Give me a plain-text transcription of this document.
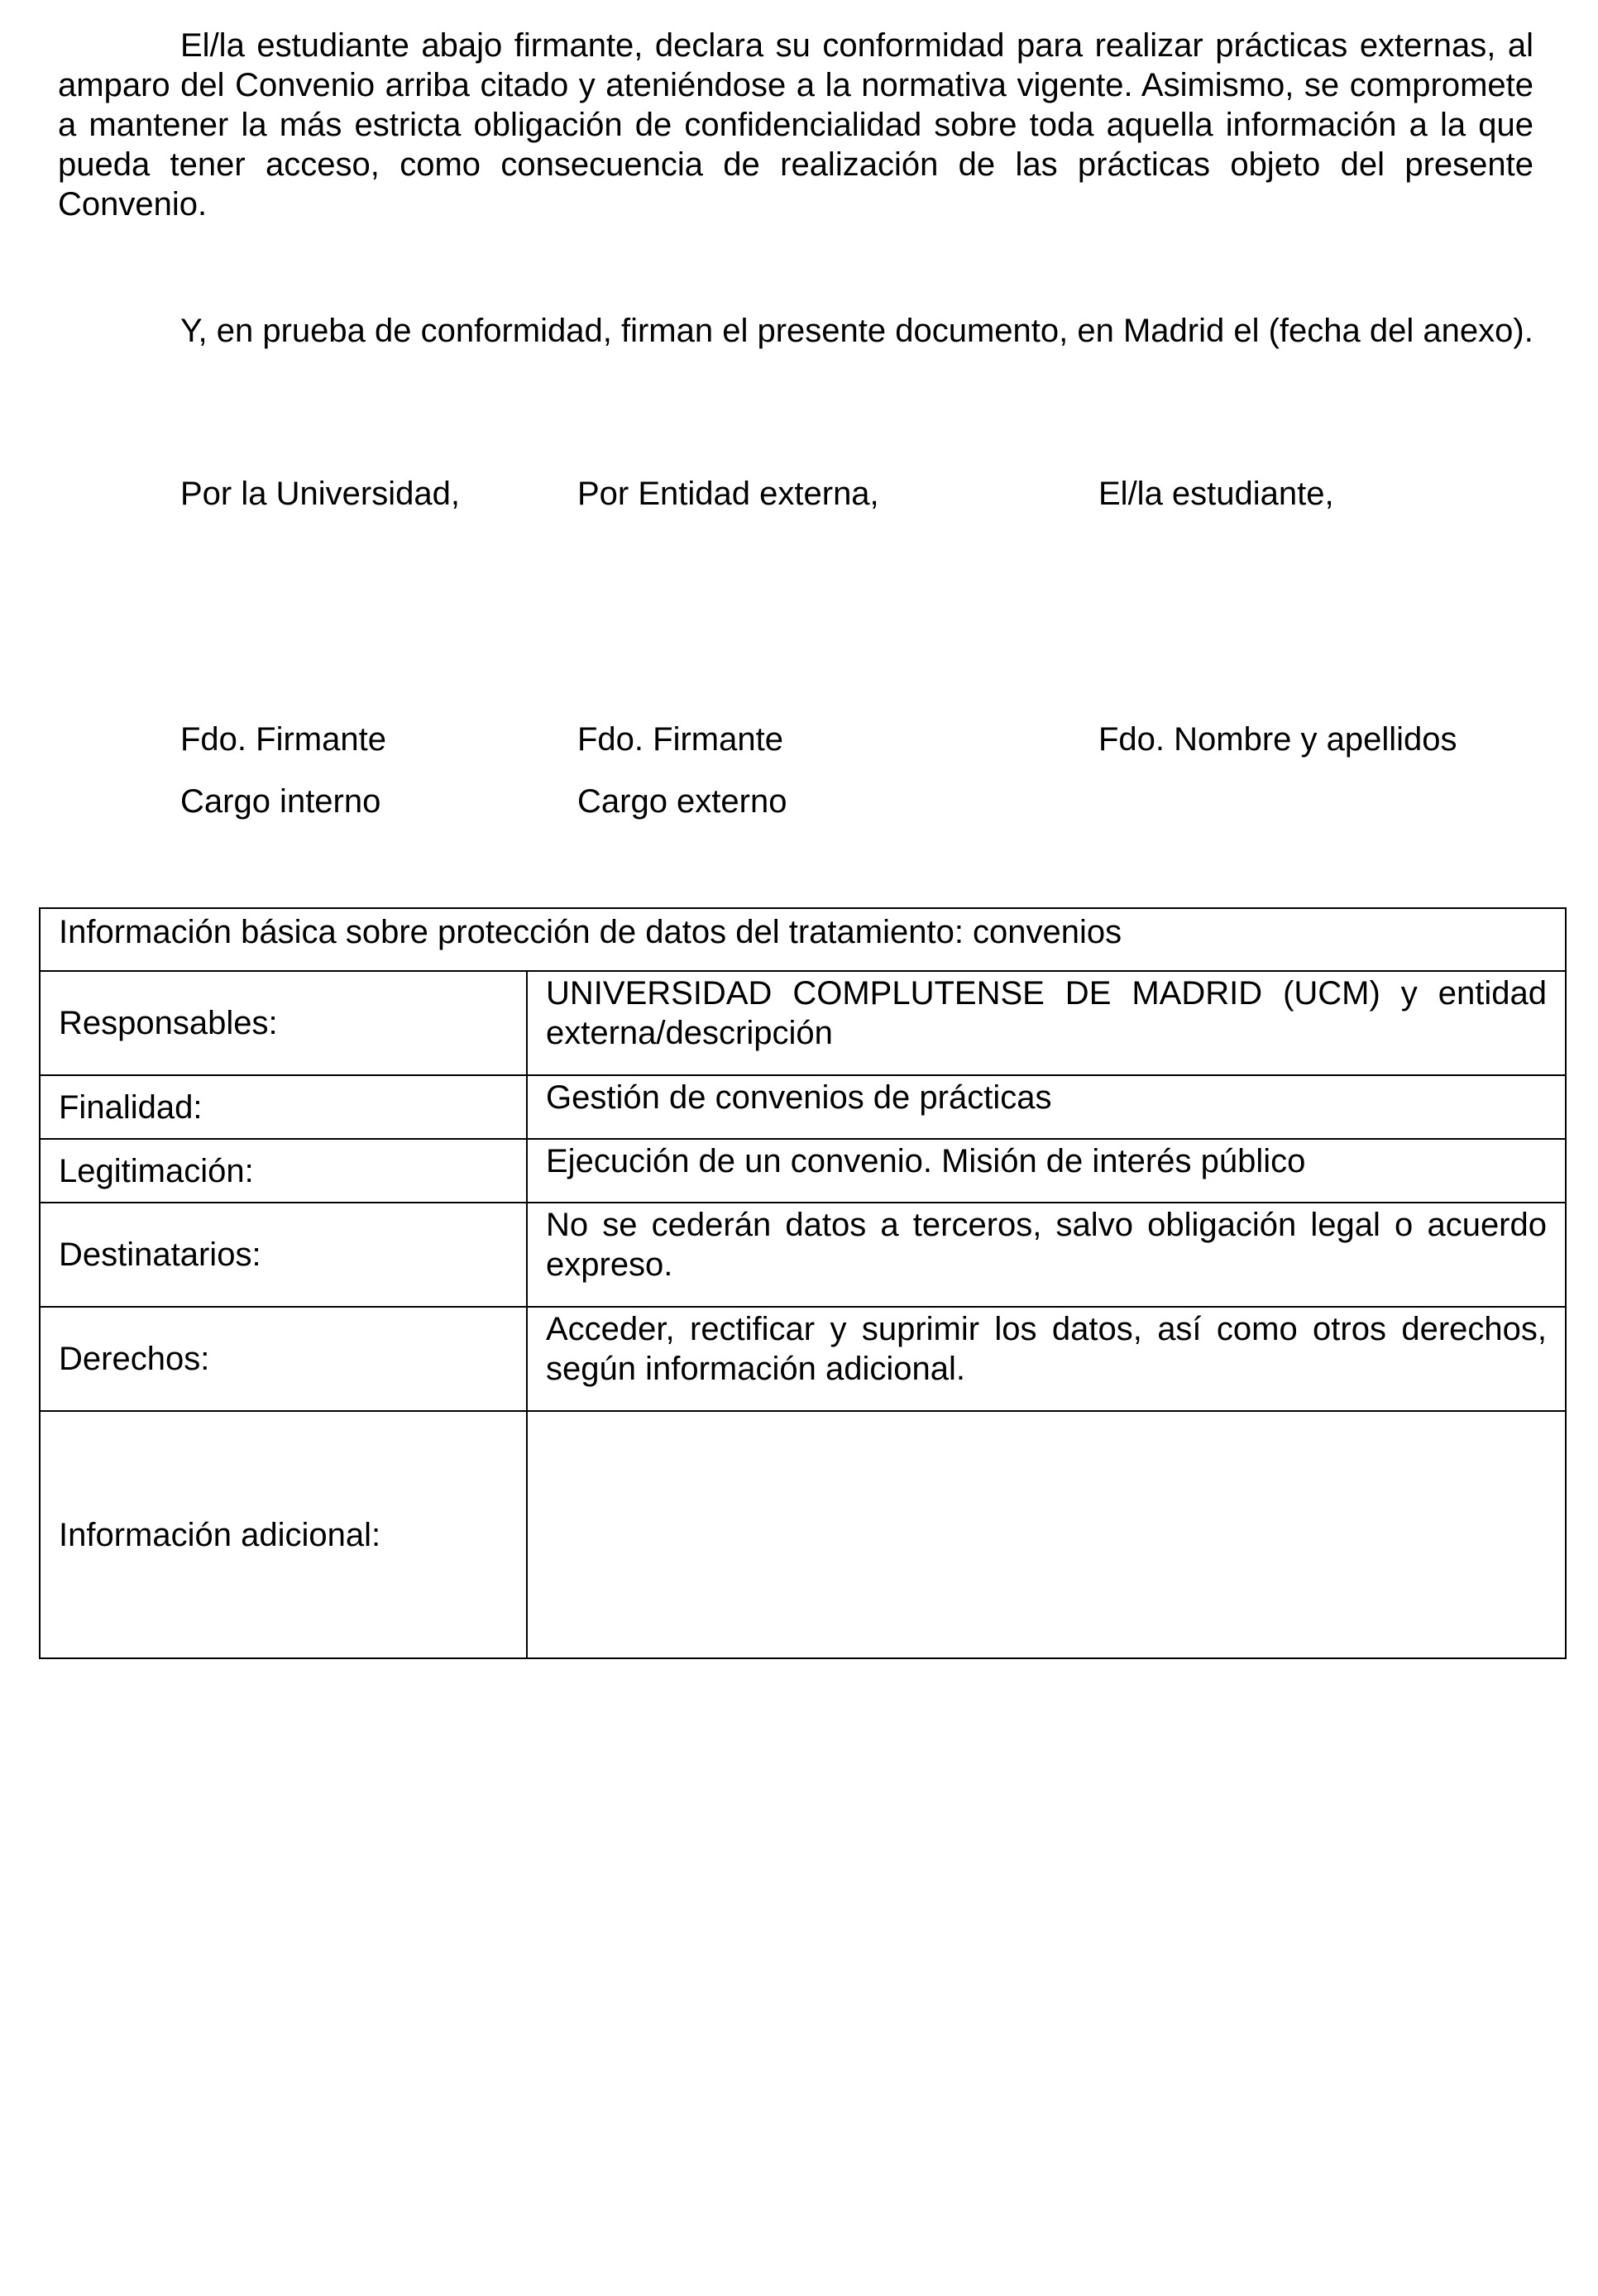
El/la estudiante abajo firmante, declara su conformidad para realizar prácticas externas, al amparo del Convenio arriba citado y ateniéndose a la normativa vigente. Asimismo, se compromete a mantener la más estricta obligación de confidencialidad sobre toda aquella información a la que pueda tener acceso, como consecuencia de realización de las prácticas objeto del presente Convenio.

Y, en prueba de conformidad, firman el presente documento, en Madrid el (fecha del anexo).

Por la Universidad,	Por Entidad externa,	El/la estudiante,
Fdo. Firmante	Fdo. Firmante	Fdo. Nombre y apellidos
Cargo interno	Cargo externo
Información básica sobre protección de datos del tratamiento: convenios	
Responsables:	UNIVERSIDAD COMPLUTENSE DE MADRID (UCM) y entidad externa/descripción
Finalidad:	Gestión de convenios de prácticas
Legitimación:	Ejecución de un convenio. Misión de interés público
Destinatarios:	No se cederán datos a terceros, salvo obligación legal o acuerdo expreso.
Derechos:	Acceder, rectificar y suprimir los datos, así como otros derechos, según información adicional.
Información adicional:	
